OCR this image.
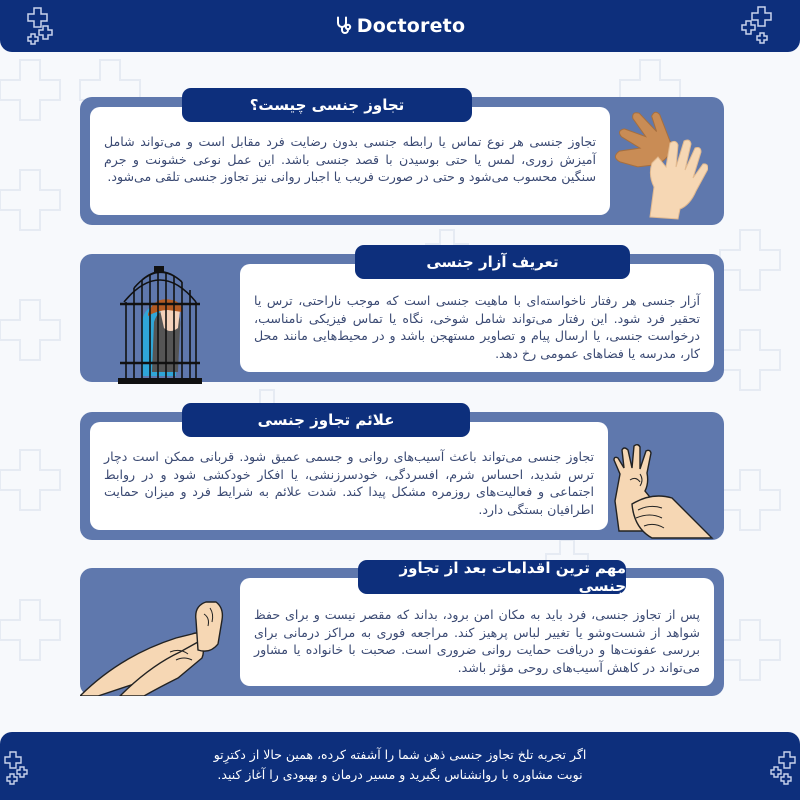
Doctoreto
تجاوز جنسی هر نوع تماس یا رابطه جنسی بدون رضایت فرد مقابل است و می‌تواند شامل آمیزش زوری، لمس یا حتی بوسیدن با قصد جنسی باشد. این عمل نوعی خشونت و جرم سنگین محسوب می‌شود و حتی در صورت فریب یا اجبار روانی نیز تجاوز جنسی تلقی می‌شود.
تجاوز جنسی چیست؟
آزار جنسی هر رفتار ناخواسته‌ای با ماهیت جنسی است که موجب ناراحتی، ترس یا تحقیر فرد شود. این رفتار می‌تواند شامل شوخی، نگاه یا تماس فیزیکی نامناسب، درخواست جنسی، یا ارسال پیام و تصاویر مستهجن باشد و در محیط‌هایی مانند محل کار، مدرسه یا فضاهای عمومی رخ دهد.
تعریف آزار جنسی
تجاوز جنسی می‌تواند باعث آسیب‌های روانی و جسمی عمیق شود. قربانی ممکن است دچار ترس شدید، احساس شرم، افسردگی، خودسرزنشی، یا افکار خودکشی شود و در روابط اجتماعی و فعالیت‌های روزمره مشکل پیدا کند. شدت علائم به شرایط فرد و میزان حمایت اطرافیان بستگی دارد.
علائم تجاوز جنسی
پس از تجاوز جنسی، فرد باید به مکان امن برود، بداند که مقصر نیست و برای حفظ شواهد از شست‌وشو یا تغییر لباس پرهیز کند. مراجعه فوری به مراکز درمانی برای بررسی عفونت‌ها و دریافت حمایت روانی ضروری است. صحبت با خانواده یا مشاور می‌تواند در کاهش آسیب‌های روحی مؤثر باشد.
مهم ترین اقدامات بعد از تجاوز جنسی
اگر تجربه تلخ تجاوز جنسی ذهن شما را آشفته کرده، همین حالا از دکترِتو
نوبت مشاوره با روانشناس بگیرید و مسیر درمان و بهبودی را آغاز کنید.
